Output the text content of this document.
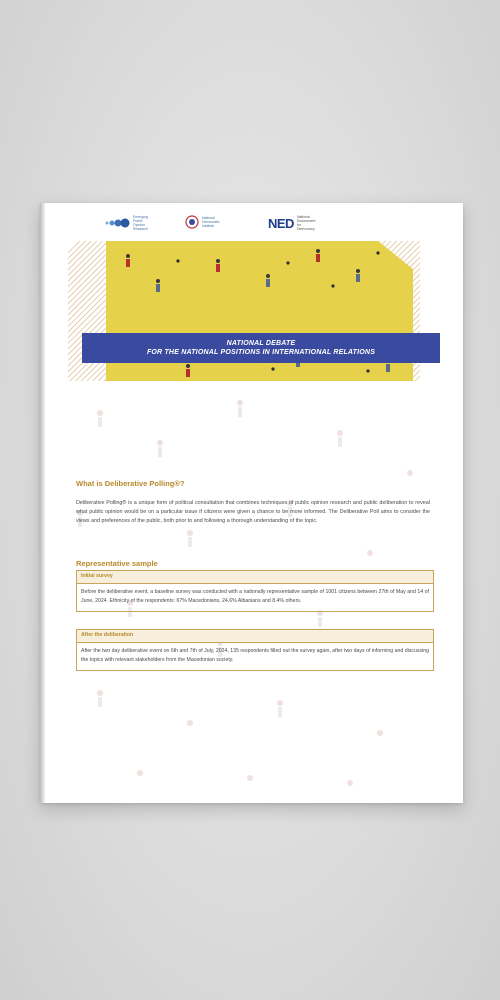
Emerging Public Opinion Research
National Democratic Institute	NED National Endowment for Democracy
NATIONAL DEBATE
FOR THE NATIONAL POSITIONS IN INTERNATIONAL RELATIONS
What is Deliberative Polling®?
Deliberative Polling® is a unique form of political consultation that combines techniques of public opinion research and public deliberation to reveal what public opinion would be on a particular issue if citizens were given a chance to be more informed. The Deliberative Poll aims to consider the views and preferences of the public, both prior to and following a thorough understanding of the topic.
Representative sample
Initial survey
Before the deliberative event, a baseline survey was conducted with a nationally representative sample of 1001 citizens between 27th of May and 14 of June, 2024. Ethnicity of the respondents: 67% Macedonians, 24.6% Albanians and 8.4% others.
After the deliberation
After the two day deliberative event on 6th and 7th of July, 2024, 135 respondents filled out the survey again, after two days of informing and discussing the topics with relevant stakeholders from the Macedonian society.
